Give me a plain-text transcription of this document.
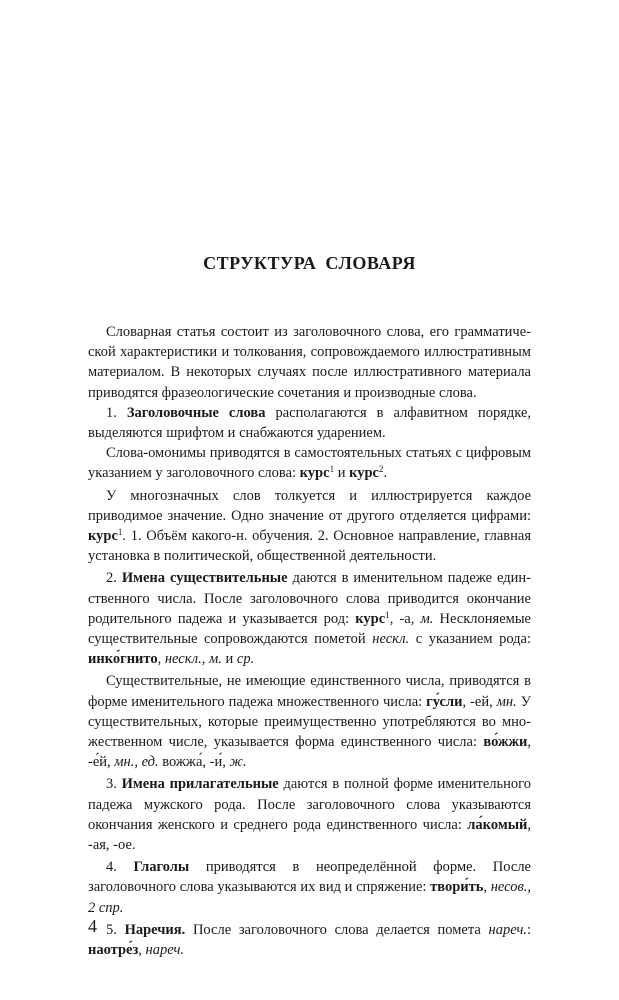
СТРУКТУРА СЛОВАРЯ

Словарная статья состоит из заголовочного слова, его грамматической характеристики и толкования, сопровождаемого иллюстративным материалом. В некоторых случаях после иллюстративного материала приводятся фразеологические сочетания и производные слова.

1. Заголовочные слова располагаются в алфавитном порядке, выделяются шрифтом и снабжаются ударением.

Слова-омонимы приводятся в самостоятельных статьях с цифровым указанием у заголовочного слова: курс$^1$ и курс$^2$.

У многозначных слов толкуется и иллюстрируется каждое приводимое значение. Одно значение от другого отделяется цифрами: курс$^1$. 1. Объём какого-н. обучения. 2. Основное направление, главная установка в политической, общественной деятельности.

2. Имена существительные даются в именительном падеже единственного числа. После заголовочного слова приводится окончание родительного падежа и указывается род: курс$^1$, -а, м. Несклоняемые существительные сопровождаются пометой нескл. с указанием рода: инко́гнито, нескл., м. и ср.

Существительные, не имеющие единственного числа, приводятся в форме именительного падежа множественного числа: гу́сли, -ей, мн. У существительных, которые преимущественно употребляются во множественном числе, указывается форма единственного числа: во́жжи, -е́й, мн., ед. вожжа́, -и́, ж.

3. Имена прилагательные даются в полной форме именительного падежа мужского рода. После заголовочного слова указываются окончания женского и среднего рода единственного числа: ла́комый, -ая, -ое.

4. Глаголы приводятся в неопределённой форме. После заголовочного слова указываются их вид и спряжение: твори́ть, несов., 2 спр.

5. Наречия. После заголовочного слова делается помета нареч.: наотре́з, нареч.

4
